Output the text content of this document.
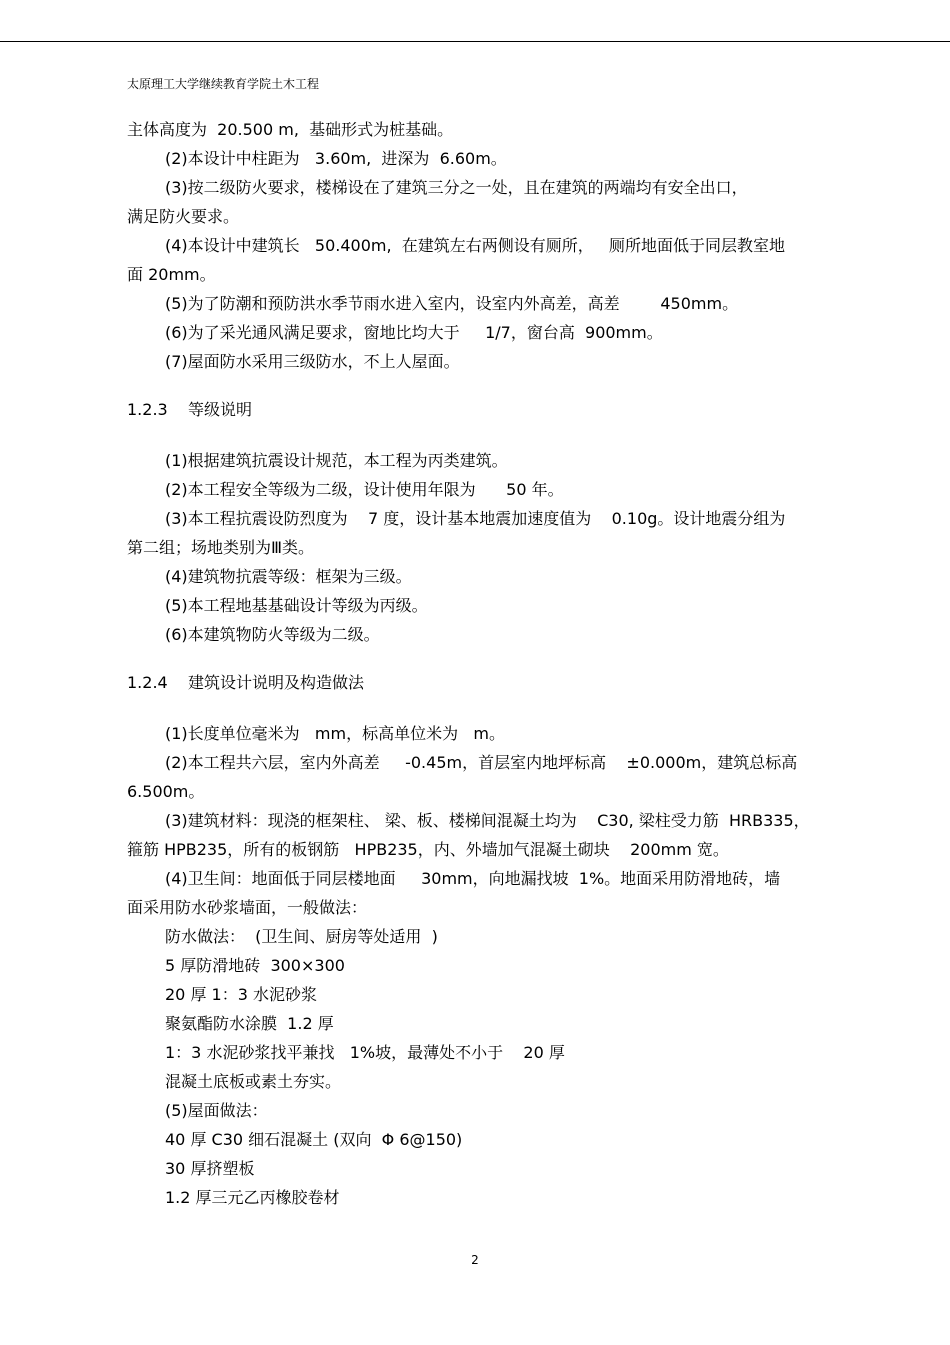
太原理工大学继续教育学院土木工程

主体高度为  20.500 m,  基础形式为桩基础。

(2)本设计中柱距为   3.60m,  进深为  6.60m。

(3)按二级防火要求，楼梯设在了建筑三分之一处，且在建筑的两端均有安全出口，

满足防火要求。

(4)本设计中建筑长   50.400m,  在建筑左右两侧设有厕所，   厕所地面低于同层教室地

面 20mm。

(5)为了防潮和预防洪水季节雨水进入室内，设室内外高差，高差        450mm。

(6)为了采光通风满足要求，窗地比均大于     1/7，窗台高  900mm。

(7)屋面防水采用三级防水，不上人屋面。

1.2.3    等级说明

(1)根据建筑抗震设计规范，本工程为丙类建筑。

(2)本工程安全等级为二级，设计使用年限为      50 年。

(3)本工程抗震设防烈度为    7 度，设计基本地震加速度值为    0.10g。设计地震分组为

第二组；场地类别为Ⅲ类。

(4)建筑物抗震等级：框架为三级。

(5)本工程地基基础设计等级为丙级。

(6)本建筑物防火等级为二级。

1.2.4    建筑设计说明及构造做法

(1)长度单位毫米为   mm，标高单位米为   m。

(2)本工程共六层，室内外高差     -0.45m，首层室内地坪标高    ±0.000m，建筑总标高

6.500m。

(3)建筑材料：现浇的框架柱、 梁、板、楼梯间混凝土均为    C30, 梁柱受力筋  HRB335，

箍筋 HPB235，所有的板钢筋   HPB235，内、外墙加气混凝土砌块    200mm 宽。

(4)卫生间：地面低于同层楼地面     30mm，向地漏找坡  1%。地面采用防滑地砖，墙

面采用防水砂浆墙面，一般做法：

防水做法：  (卫生间、厨房等处适用  )

5 厚防滑地砖  300×300

20 厚 1：3 水泥砂浆

聚氨酯防水涂膜  1.2 厚

1：3 水泥砂浆找平兼找   1%坡，最薄处不小于    20 厚

混凝土底板或素土夯实。

(5)屋面做法：

40 厚 C30 细石混凝土 (双向  Φ 6@150)

30 厚挤塑板

1.2 厚三元乙丙橡胶卷材

2
